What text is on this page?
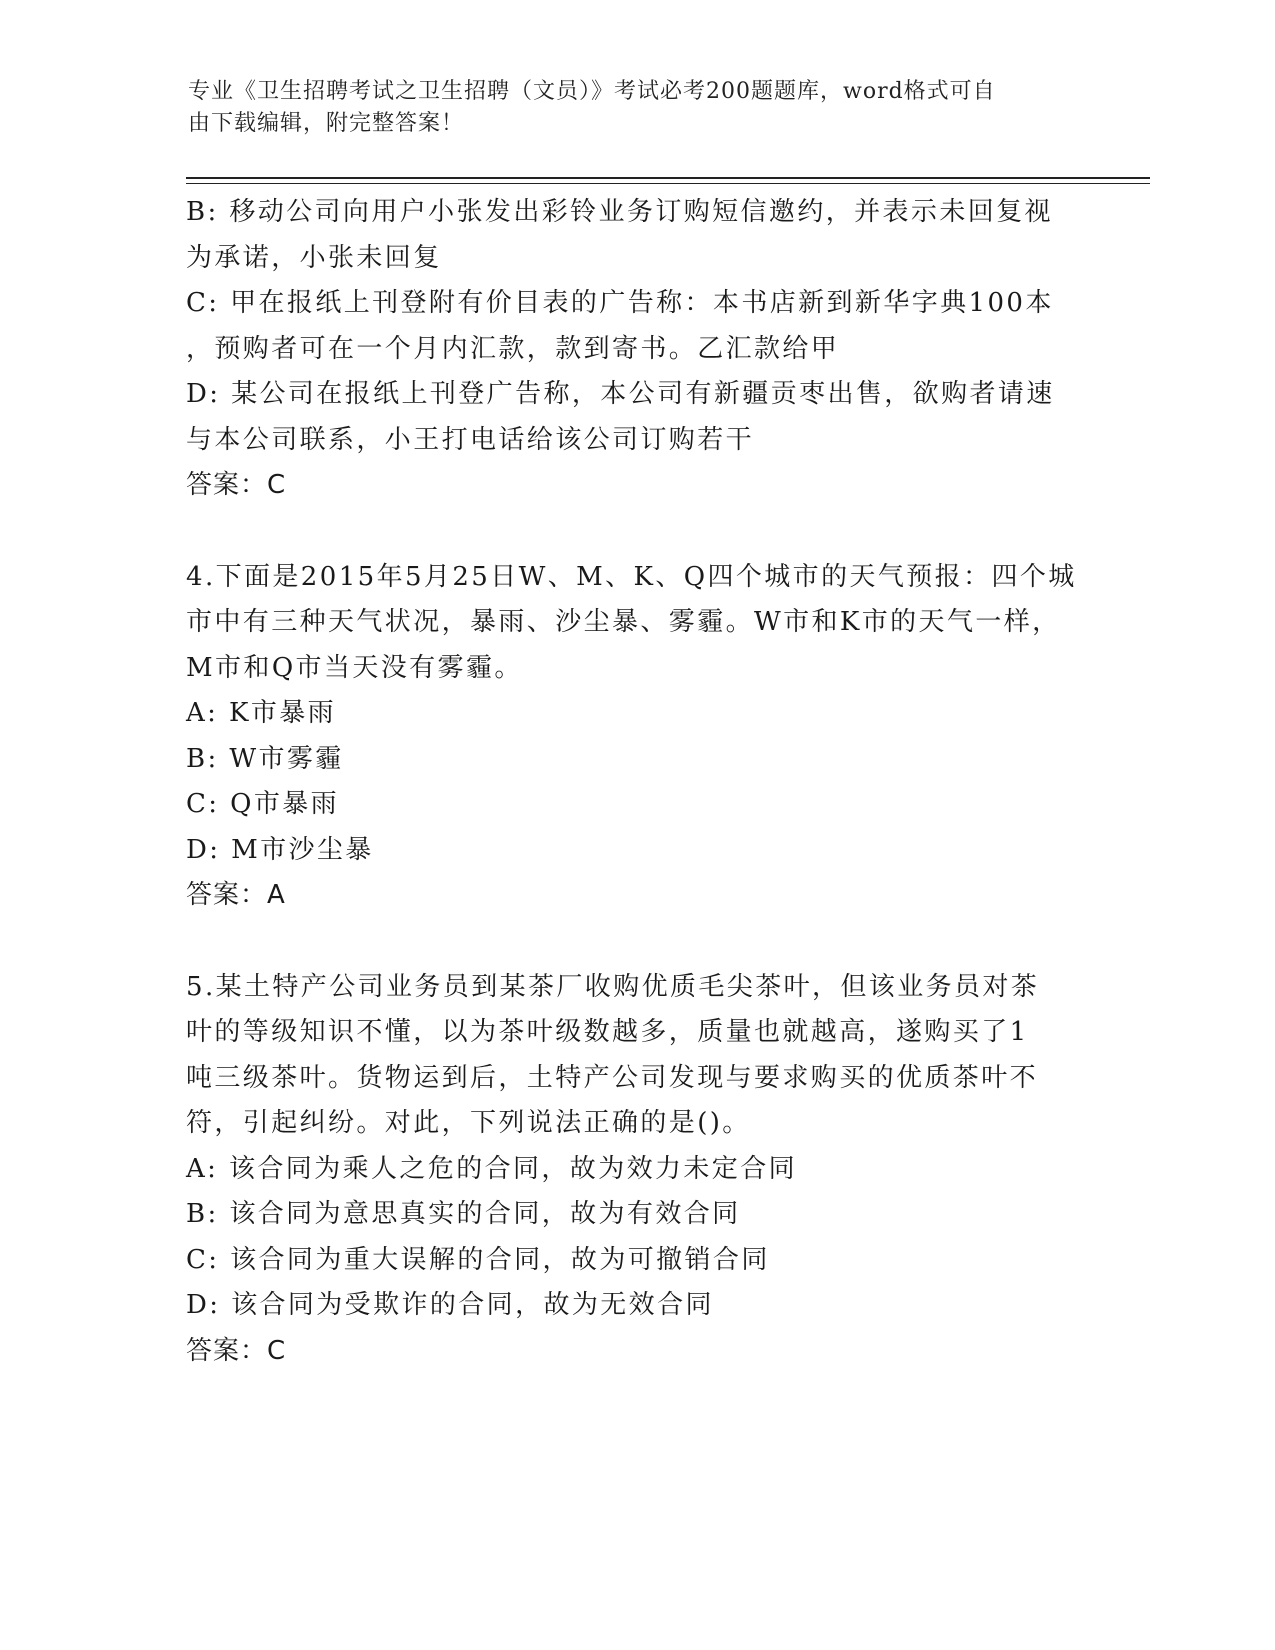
专业《卫生招聘考试之卫生招聘（文员）》考试必考200题题库，word格式可自
由下载编辑，附完整答案！
B: 移动公司向用户小张发出彩铃业务订购短信邀约，并表示未回复视
为承诺，小张未回复
C: 甲在报纸上刊登附有价目表的广告称：本书店新到新华字典100本
，预购者可在一个月内汇款，款到寄书。乙汇款给甲
D: 某公司在报纸上刊登广告称，本公司有新疆贡枣出售，欲购者请速
与本公司联系，小王打电话给该公司订购若干
答案：C
4.下面是2015年5月25日W、M、K、Q四个城市的天气预报：四个城
市中有三种天气状况，暴雨、沙尘暴、雾霾。W市和K市的天气一样，
M市和Q市当天没有雾霾。
A: K市暴雨
B: W市雾霾
C: Q市暴雨
D: M市沙尘暴
答案：A
5.某土特产公司业务员到某茶厂收购优质毛尖茶叶，但该业务员对茶
叶的等级知识不懂，以为茶叶级数越多，质量也就越高，遂购买了1
吨三级茶叶。货物运到后，土特产公司发现与要求购买的优质茶叶不
符，引起纠纷。对此，下列说法正确的是()。
A: 该合同为乘人之危的合同，故为效力未定合同
B: 该合同为意思真实的合同，故为有效合同
C: 该合同为重大误解的合同，故为可撤销合同
D: 该合同为受欺诈的合同，故为无效合同
答案：C
